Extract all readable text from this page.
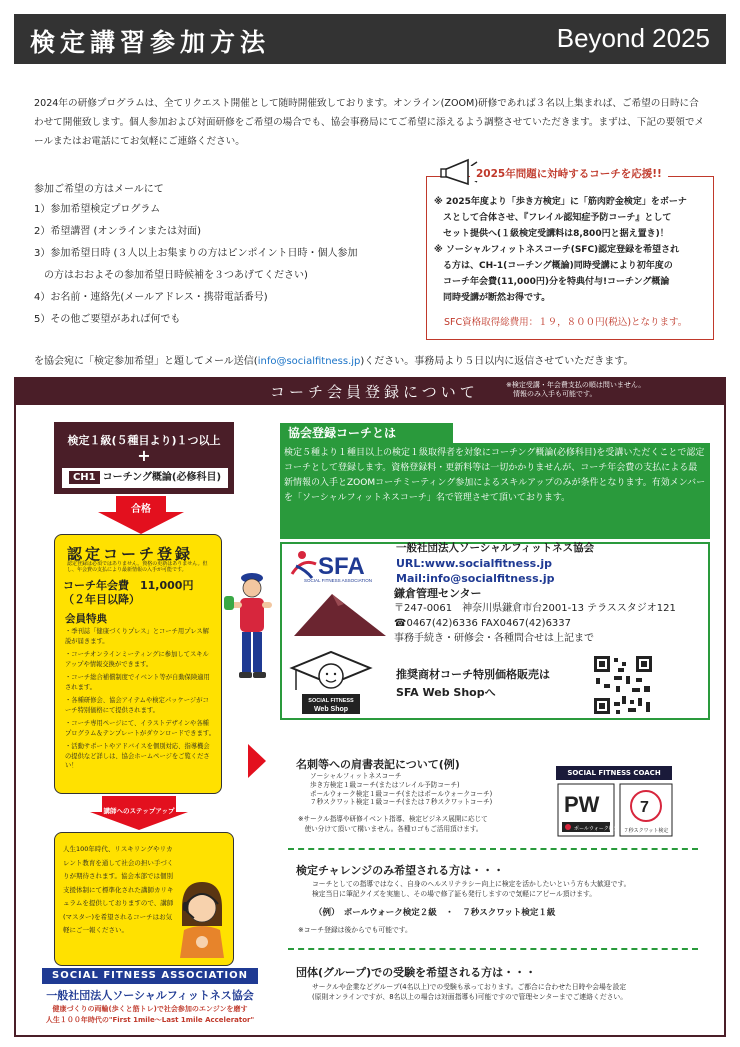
検定講習参加方法	Beyond 2025
2024年の研修プログラムは、全てリクエスト開催として随時開催致しております。オンライン(ZOOM)研修であれば３名以上集まれば、ご希望の日時に合わせて開催致します。個人参加および対面研修をご希望の場合でも、協会事務局にてご希望に添えるよう調整させていただきます。まずは、下記の要領でメールまたはお電話にてお気軽にご連絡ください。
参加ご希望の方はメールにて
1）参加希望検定プログラム
2）希望講習 (オンラインまたは対面)
3）参加希望日時 (３人以上お集まりの方はピンポイント日時・個人参加
　の方はおおよその参加希望日時候補を３つあげてください)
4）お名前・連絡先(メールアドレス・携帯電話番号)
5）その他ご要望があれば何でも
2025年問題に対峙するコーチを応援!!
※ 2025年度より「歩き方検定」に「筋肉貯金検定」をボーナ
　スとして合体させ、『フレイル認知症予防コーチ』として
　セット提供へ(１級検定受講料は8,800円と据え置き)！
※ ソーシャルフィットネスコーチ(SFC)認定登録を希望され
　る方は、CH-1(コーチング概論)同時受講により初年度の
　コーチ年会費(11,000円)分を特典付与!コーチング概論
　同時受講が断然お得です。
SFC資格取得総費用：１９，８００円(税込)となります。
を協会宛に「検定参加希望」と題してメール送信(info@socialfitness.jp)ください。事務局より５日以内に返信させていただきます。
コーチ会員登録について	※検定受講・年会費支払の順は問いません。
　情報のみ入手も可能です。
検定１級(５種目より)１つ以上
+
CH1 コーチング概論(必修科目)
合格
認定コーチ登録
認定登録は必須ではありません。資格の更新はありません。但し、年会費の支払により最新情報の入手が可能です。
コーチ年会費　11,000円
（２年目以降）
会員特典
・季刊誌「健康づくりプレス」とコーチ用プレス解説が届きます。
・コーチオンラインミーティングに参加してスキルアップや情報交換ができます。
・コーチ総合補償制度でイベント等が自動保険適用されます。
・各種研修会、協会アイテムや検定パッケージがコーチ特別価格にて提供されます。
・コーチ専用ページにて、イラストデザインや各種プログラム＆テンプレートがダウンロードできます。
・活動サポートやアドバイスを個別対応、指導機会の提供など詳しは、協会ホームページをご覧ください！
講師へのステップアップ
人生100年時代、リスキリングやリカレント教育を通して社会の担い手づくりが期待されます。協会本部では個別支援体制にて標準化された講師カリキュラムを提供しておりますので、講師(マスター)を希望されるコーチはお気軽にご一報ください。
SOCIAL FITNESS ASSOCIATION
一般社団法人ソーシャルフィットネス協会
健康づくりの両輪(歩くと筋トレ)で社会参加のエンジンを磨す
人生１００年時代の"First 1mile～Last 1mile Accelerator"
協会登録コーチとは
検定５種より１種目以上の検定１級取得者を対象にコーチング概論(必修科目)を受講いただくことで認定コーチとして登録します。資格登録料・更新料等は一切かかりませんが、コーチ年会費の支払による最新情報の入手とZOOMコーチミーティング参加によるスキルアップのみが条件となります。有効メンバーを「ソーシャルフィットネスコーチ」名で管理させて頂いております。
SFA
SOCIAL FITNESS ASSOCIATION
一般社団法人ソーシャルフィットネス協会
URL:www.socialfitness.jp
Mail:info@socialfitness.jp
鎌倉管理センター
〒247-0061　神奈川県鎌倉市台2001-13 テラススタジオ121
☎0467(42)6336 FAX0467(42)6337
事務手続き・研修会・各種問合せは上記まで
SOCIAL FITNESS
Web Shop
推奨商材コーチ特別価格販売は
SFA Web Shopへ
名刺等への肩書表記について(例)
ソーシャルフィットネスコーチ
歩き方検定１級コーチ(またはフレイル予防コーチ)
ポールウォーク検定１級コーチ(またはポールウォークコーチ)
７秒スクワット検定１級コーチ(または７秒スクワットコーチ)
※サークル指導や研修イベント指導、検定ビジネス展開に応じて
　使い分けて頂いて構いません。各種ロゴもご活用頂けます。
SOCIAL FITNESS COACH
PW
ポールウォーク検定
7
７秒スクワット検定
検定チャレンジのみ希望される方は・・・
コーチとしての指導ではなく、自身のヘルスリテラシー向上に検定を活かしたいという方も大歓迎です。
検定当日に筆記クイズを実施し、その場で修了証も発行しますので気軽にアピール頂けます。
（例）　ポールウォーク検定２級　・　７秒スクワット検定１級
※コーチ登録は後からでも可能です。
団体(グループ)での受験を希望される方は・・・
サークルや企業などグループ(4名以上)での受験も承っております。ご都合に合わせた日時や会場を設定
(原則オンラインですが、8名以上の場合は対面指導も)可能ですので管理センターまでご連絡ください。
